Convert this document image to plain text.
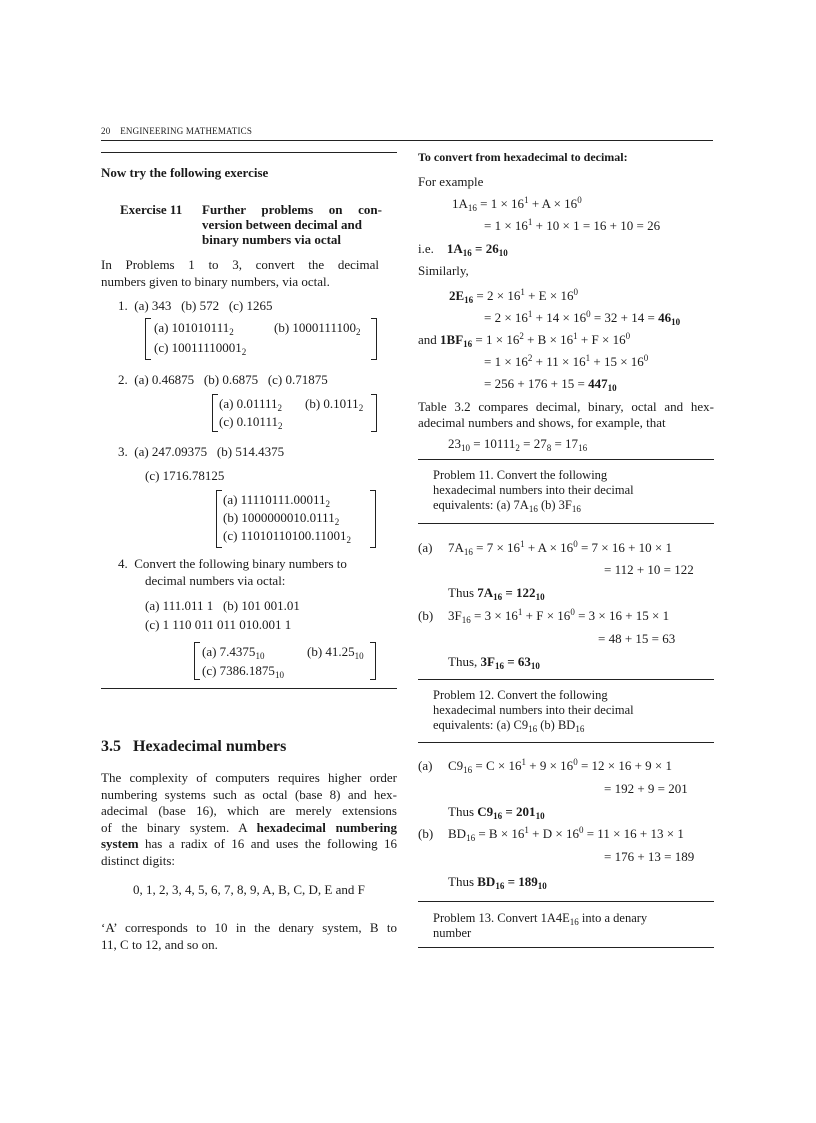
20 ENGINEERING MATHEMATICS
Now try the following exercise
Exercise 11 Further problems on con-
version between decimal and
binary numbers via octal
In Problems 1 to 3, convert the decimal
numbers given to binary numbers, via octal.
1.  (a) 343   (b) 572   (c) 1265
(a) $101010111_2$	(b) $1000111100_2$
(c) $10011110001_2$
2.  (a) 0.46875   (b) 0.6875   (c) 0.71875
(a) $0.01111_2$ (b) $0.1011_2$
(c) $0.10111_2$
3.  (a) 247.09375   (b) 514.4375
(c) 1716.78125
(a) $11110111.00011_2$
(b) $1000000010.0111_2$
(c) $11010110100.11001_2$
4.  Convert the following binary numbers to
decimal numbers via octal:
(a) 111.011 1   (b) 101 001.01
(c) 1 110 011 011 010.001 1
(a) $7.4375_{10}$	(b) $41.25_{10}$
(c) $7386.1875_{10}$
3.5 Hexadecimal numbers
The complexity of computers requires higher order
numbering systems such as octal (base 8) and hex-
adecimal (base 16), which are merely extensions
of the binary system. A hexadecimal numbering
system has a radix of 16 and uses the following 16
distinct digits:
0, 1, 2, 3, 4, 5, 6, 7, 8, 9, A, B, C, D, E and F
‘A’ corresponds to 10 in the denary system, B to
11, C to 12, and so on.
To convert from hexadecimal to decimal:
For example
$1A_{16} = 1 \times 16^1 + A \times 16^0$
= $1 \times 16^1 + 10 \times 1 = 16 + 10 = 26$
i.e. $1A_{16} = 26_{10}$
Similarly,
$2E_{16} = 2 \times 16^1 + E \times 16^0$
= $2 \times 16^1 + 14 \times 16^0 = 32 + 14 = 46_{10}$
and $1BF_{16} = 1 \times 16^2 + B \times 16^1 + F \times 16^0$
= $1 \times 16^2 + 11 \times 16^1 + 15 \times 16^0$
= $256 + 176 + 15 = 447_{10}$
Table 3.2 compares decimal, binary, octal and hex-
adecimal numbers and shows, for example, that
$23_{10} = 10111_2 = 27_8 = 17_{16}$
Problem 11. Convert the following
hexadecimal numbers into their decimal
equivalents: (a) $7A_{16}$ (b) $3F_{16}$
(a) $7A_{16} = 7 \times 16^1 + A \times 16^0 = 7 \times 16 + 10 \times 1$
= 112 + 10 = 122
Thus $7A_{16} = 122_{10}$
(b) $3F_{16} = 3 \times 16^1 + F \times 16^0 = 3 \times 16 + 15 \times 1$
= 48 + 15 = 63
Thus, $3F_{16} = 63_{10}$
Problem 12. Convert the following
hexadecimal numbers into their decimal
equivalents: (a) $C9_{16}$ (b) $BD_{16}$
(a) $C9_{16} = C \times 16^1 + 9 \times 16^0 = 12 \times 16 + 9 \times 1$
= 192 + 9 = 201
Thus $C9_{16} = 201_{10}$
(b) $BD_{16} = B \times 16^1 + D \times 16^0 = 11 \times 16 + 13 \times 1$
= 176 + 13 = 189
Thus $BD_{16} = 189_{10}$
Problem 13. Convert $1A4E_{16}$ into a denary
number
